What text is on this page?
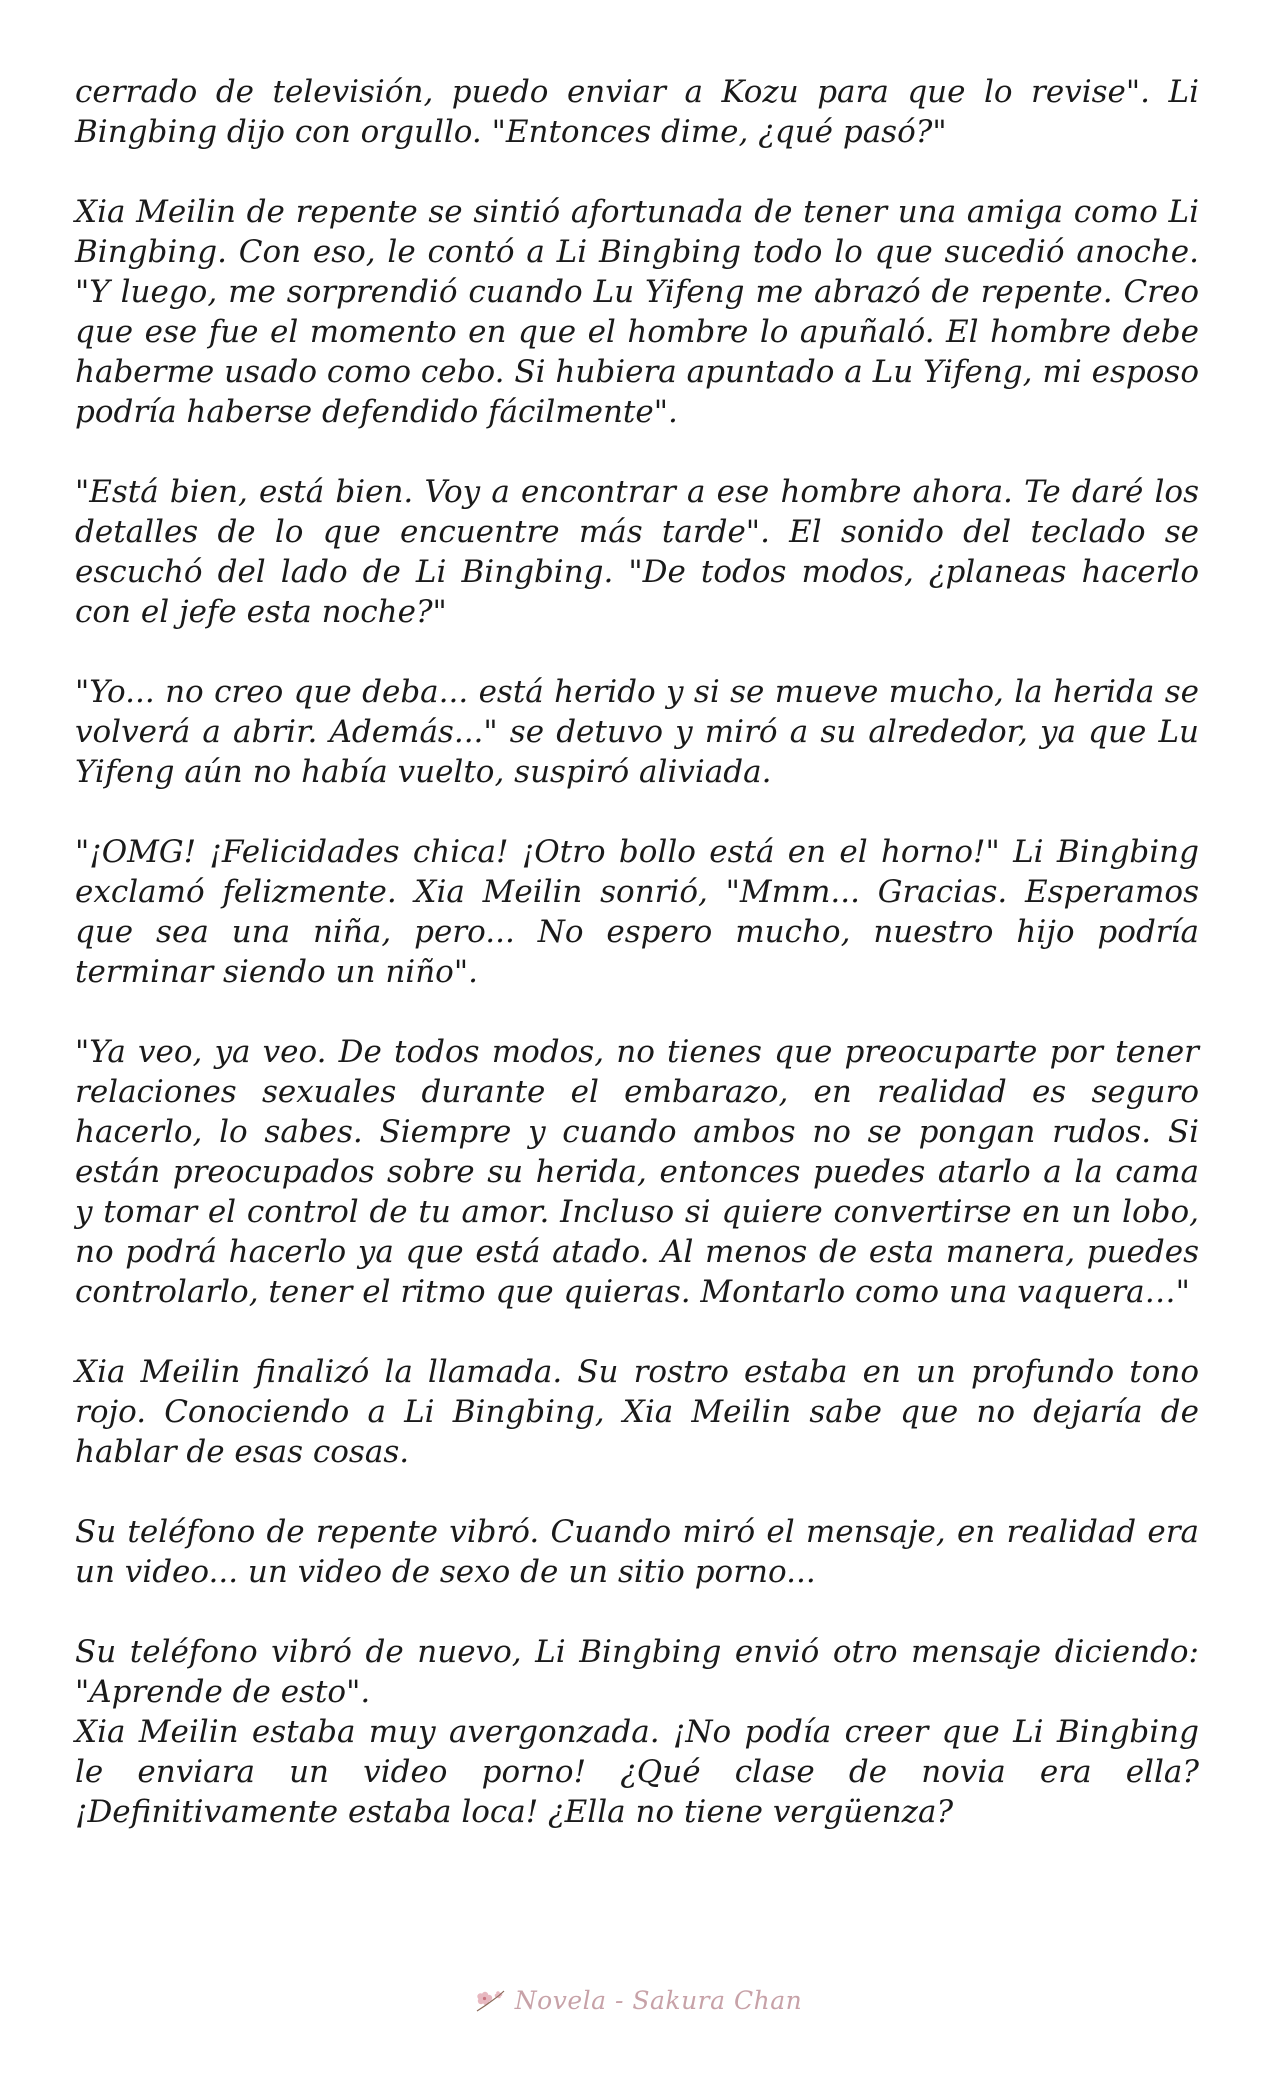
cerrado de televisión, puedo enviar a Kozu para que lo revise". Li Bingbing dijo con orgullo. "Entonces dime, ¿qué pasó?"

Xia Meilin de repente se sintió afortunada de tener una amiga como Li Bingbing. Con eso, le contó a Li Bingbing todo lo que sucedió anoche. "Y luego, me sorprendió cuando Lu Yifeng me abrazó de repente. Creo que ese fue el momento en que el hombre lo apuñaló. El hombre debe haberme usado como cebo. Si hubiera apuntado a Lu Yifeng, mi esposo podría haberse defendido fácilmente".

"Está bien, está bien. Voy a encontrar a ese hombre ahora. Te daré los detalles de lo que encuentre más tarde". El sonido del teclado se escuchó del lado de Li Bingbing. "De todos modos, ¿planeas hacerlo con el jefe esta noche?"

"Yo... no creo que deba... está herido y si se mueve mucho, la herida se volverá a abrir. Además..." se detuvo y miró a su alrededor, ya que Lu Yifeng aún no había vuelto, suspiró aliviada.

"¡OMG! ¡Felicidades chica! ¡Otro bollo está en el horno!" Li Bingbing exclamó felizmente. Xia Meilin sonrió, "Mmm... Gracias. Esperamos que sea una niña, pero... No espero mucho, nuestro hijo podría terminar siendo un niño".

"Ya veo, ya veo. De todos modos, no tienes que preocuparte por tener relaciones sexuales durante el embarazo, en realidad es seguro hacerlo, lo sabes. Siempre y cuando ambos no se pongan rudos. Si están preocupados sobre su herida, entonces puedes atarlo a la cama y tomar el control de tu amor. Incluso si quiere convertirse en un lobo, no podrá hacerlo ya que está atado. Al menos de esta manera, puedes controlarlo, tener el ritmo que quieras. Montarlo como una vaquera…"

Xia Meilin finalizó la llamada. Su rostro estaba en un profundo tono rojo. Conociendo a Li Bingbing, Xia Meilin sabe que no dejaría de hablar de esas cosas.

Su teléfono de repente vibró. Cuando miró el mensaje, en realidad era un video... un video de sexo de un sitio porno...

Su teléfono vibró de nuevo, Li Bingbing envió otro mensaje diciendo: "Aprende de esto".

Xia Meilin estaba muy avergonzada. ¡No podía creer que Li Bingbing le enviara un video porno! ¿Qué clase de novia era ella? ¡Definitivamente estaba loca! ¿Ella no tiene vergüenza?

Novela - Sakura Chan
